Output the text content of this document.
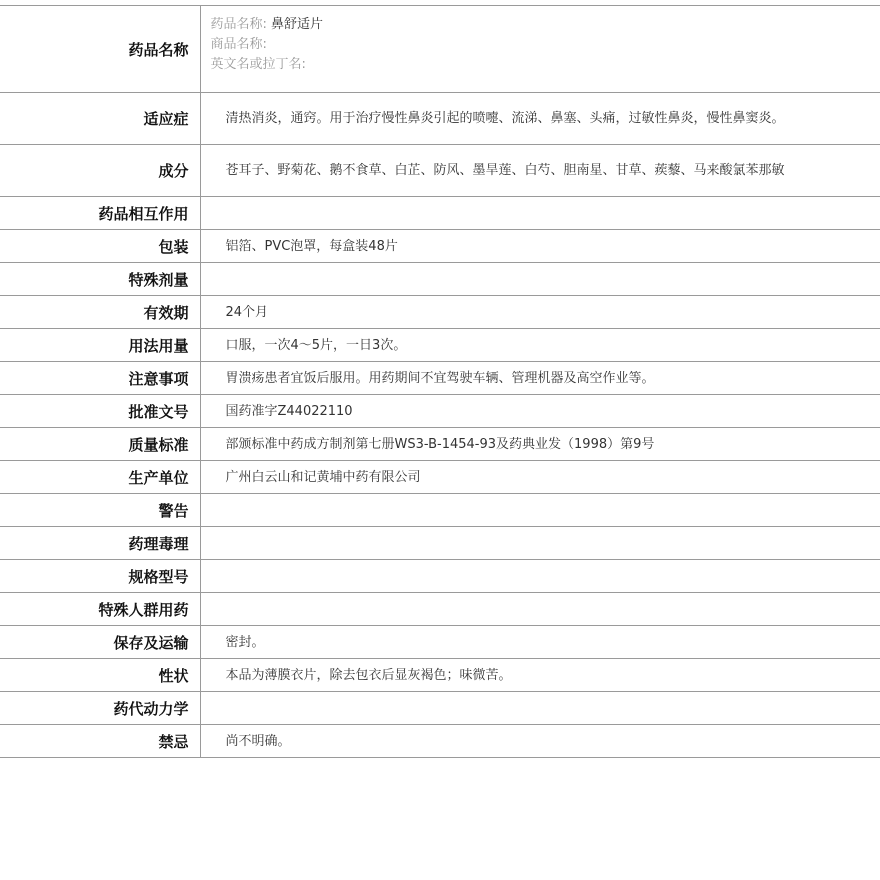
药品名称	药品名称: 鼻舒适片
商品名称:
英文名或拉丁名:

适应症	清热消炎，通窍。用于治疗慢性鼻炎引起的喷嚏、流涕、鼻塞、头痛，过敏性鼻炎，慢性鼻窦炎。
成分	苍耳子、野菊花、鹅不食草、白芷、防风、墨旱莲、白芍、胆南星、甘草、蒺藜、马来酸氯苯那敏
药品相互作用	
包装	铝箔、PVC泡罩，每盒装48片
特殊剂量	
有效期	24个月
用法用量	口服，一次4～5片，一日3次。
注意事项	胃溃疡患者宜饭后服用。用药期间不宜驾驶车辆、管理机器及高空作业等。
批准文号	国药准字Z44022110
质量标准	部颁标准中药成方制剂第七册WS3-B-1454-93及药典业发（1998）第9号
生产单位	广州白云山和记黄埔中药有限公司
警告	
药理毒理	
规格型号	
特殊人群用药	
保存及运输	密封。
性状	本品为薄膜衣片，除去包衣后显灰褐色；味微苦。
药代动力学	
禁忌	尚不明确。
